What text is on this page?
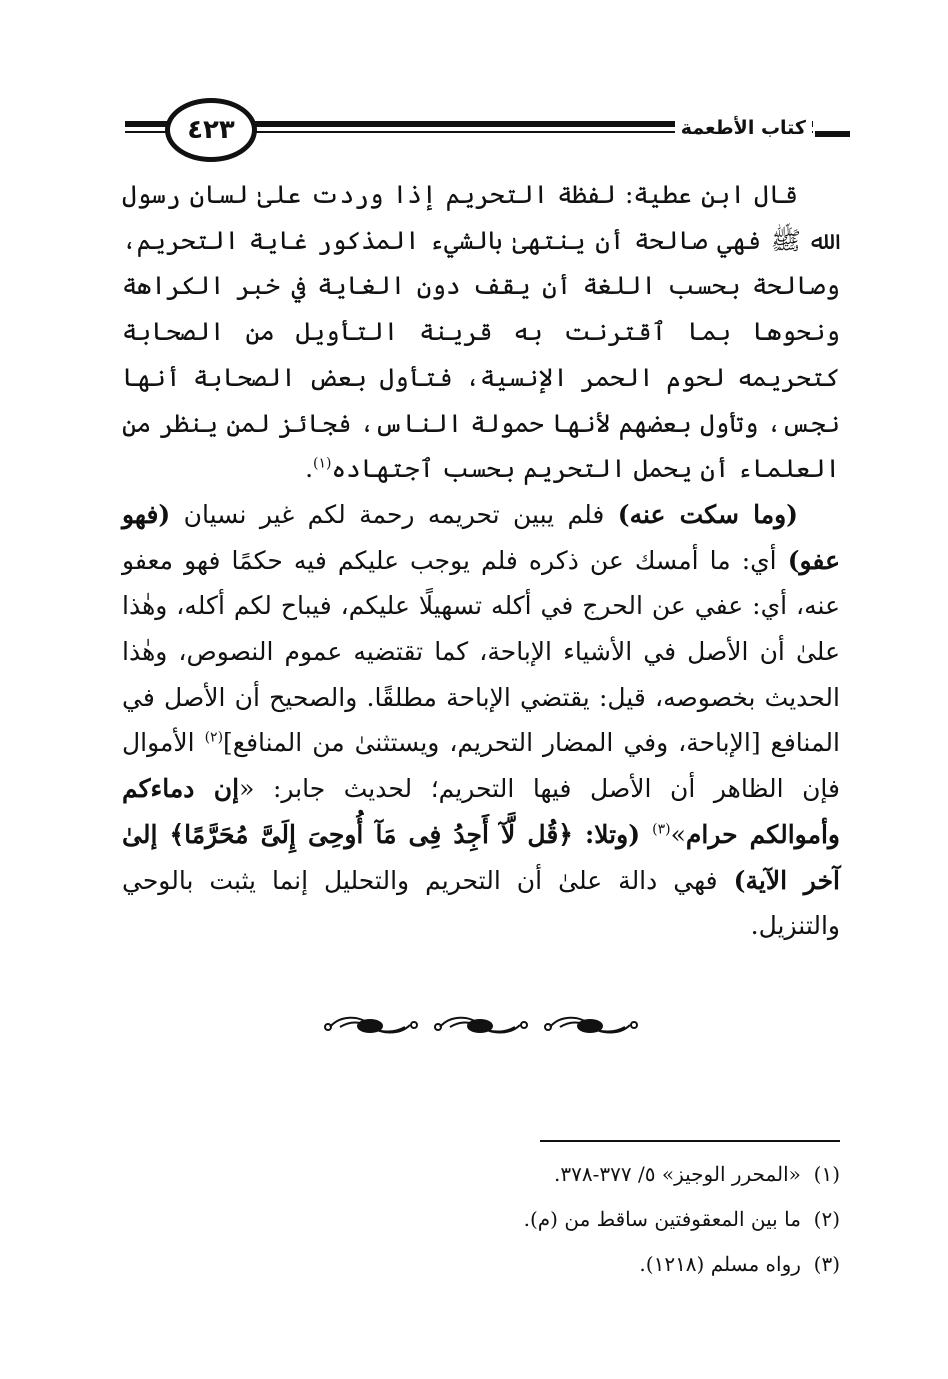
٤٢٣	كتاب الأطعمة

قال ابن عطية: لفظة التحريم إذا وردت علىٰ لسان رسول الله ﷺ فهي صالحة أن ينتهىٰ بالشيء المذكور غاية التحريم، وصالحة بحسب اللغة أن يقف دون الغاية في خبر الكراهة ونحوها بما ٱقترنت به قرينة التأويل من الصحابة كتحريمه لحوم الحمر الإنسية، فتأول بعض الصحابة أنها نجس، وتأول بعضهم لأنها حمولة الناس، فجائز لمن ينظر من العلماء أن يحمل التحريم بحسب ٱجتهاده$^{(١)}$.

(وما سكت عنه) فلم يبين تحريمه رحمة لكم غير نسيان (فهو عفو) أي: ما أمسك عن ذكره فلم يوجب عليكم فيه حكمًا فهو معفو عنه، أي: عفي عن الحرج في أكله تسهيلًا عليكم، فيباح لكم أكله، وهٰذا علىٰ أن الأصل في الأشياء الإباحة، كما تقتضيه عموم النصوص، وهٰذا الحديث بخصوصه، قيل: يقتضي الإباحة مطلقًا. والصحيح أن الأصل في المنافع [الإباحة، وفي المضار التحريم، ويستثنىٰ من المنافع]$^{(٢)}$ الأموال فإن الظاهر أن الأصل فيها التحريم؛ لحديث جابر: «إن دماءكم وأموالكم حرام»$^{(٣)}$ (وتلا: ﴿قُل لَّآ أَجِدُ فِى مَآ أُوحِىَ إِلَىَّ مُحَرَّمًا﴾ إلىٰ آخر الآية) فهي دالة علىٰ أن التحريم والتحليل إنما يثبت بالوحي والتنزيل.

(١)  «المحرر الوجيز» ٥/ ٣٧٧-٣٧٨.
(٢)  ما بين المعقوفتين ساقط من (م).
(٣)  رواه مسلم (١٢١٨).
